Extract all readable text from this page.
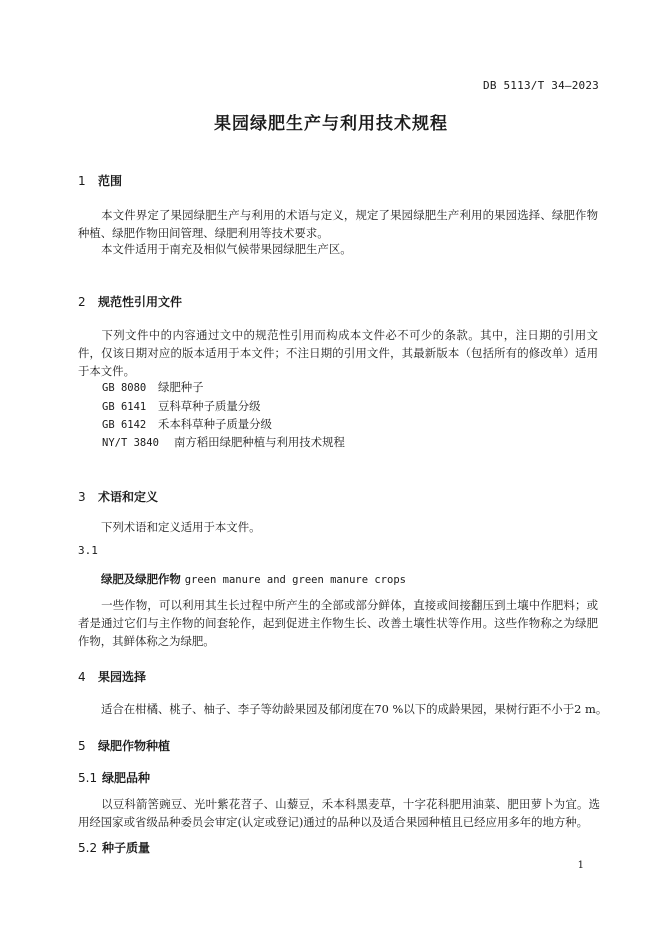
DB 5113/T 34—2023
果园绿肥生产与利用技术规程
1 范围
本文件界定了果园绿肥生产与利用的术语与定义，规定了果园绿肥生产利用的果园选择、绿肥作物种植、绿肥作物田间管理、绿肥利用等技术要求。
本文件适用于南充及相似气候带果园绿肥生产区。
2 规范性引用文件
下列文件中的内容通过文中的规范性引用而构成本文件必不可少的条款。其中，注日期的引用文件，仅该日期对应的版本适用于本文件；不注日期的引用文件，其最新版本（包括所有的修改单）适用于本文件。
GB 8080 绿肥种子
GB 6141 豆科草种子质量分级
GB 6142 禾本科草种子质量分级
NY/T 3840 南方稻田绿肥种植与利用技术规程
3 术语和定义
下列术语和定义适用于本文件。
3.1
绿肥及绿肥作物 green manure and green manure crops
一些作物，可以利用其生长过程中所产生的全部或部分鲜体，直接或间接翻压到土壤中作肥料；或者是通过它们与主作物的间套轮作，起到促进主作物生长、改善土壤性状等作用。这些作物称之为绿肥作物，其鲜体称之为绿肥。
4 果园选择
适合在柑橘、桃子、柚子、李子等幼龄果园及郁闭度在70 %以下的成龄果园，果树行距不小于2 m。
5 绿肥作物种植
5.1 绿肥品种
以豆科箭筈豌豆、光叶紫花苕子、山藜豆，禾本科黑麦草，十字花科肥用油菜、肥田萝卜为宜。选用经国家或省级品种委员会审定(认定或登记)通过的品种以及适合果园种植且已经应用多年的地方种。
5.2 种子质量
1
